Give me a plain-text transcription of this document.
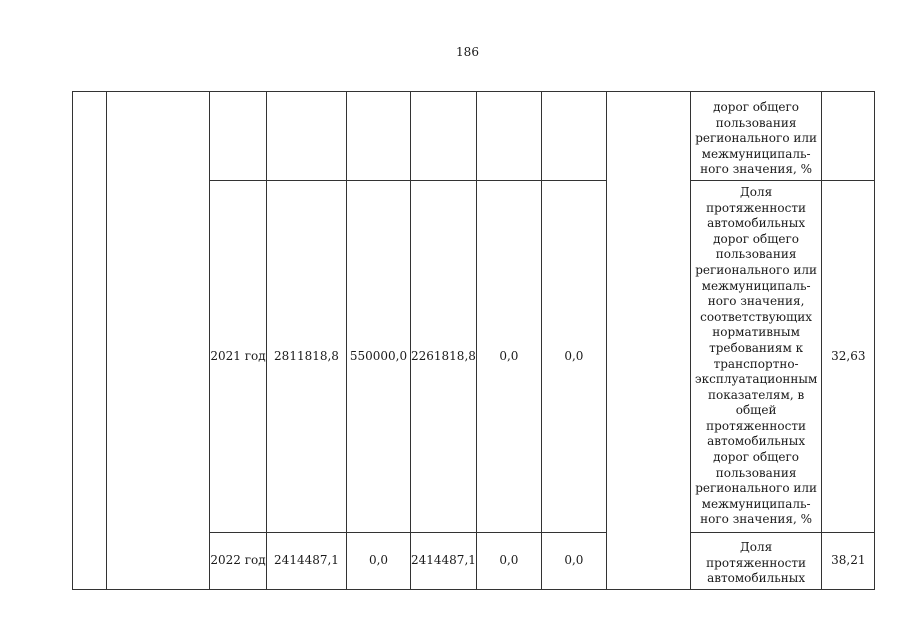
186
									дорог общего пользования регионального или межмуниципаль-ного значения, %	
		2021 год	2811818,8	550000,0	2261818,8	0,0	0,0		Доля протяженности автомобильных дорог общего пользования регионального или межмуниципаль-ного значения, соответствующих нормативным требованиям к транспортно-эксплуатационным показателям, в общей протяженности автомобильных дорог общего пользования регионального или межмуниципаль-ного значения, %	32,63
		2022 год	2414487,1	0,0	2414487,1	0,0	0,0		Доля протяженности автомобильных	38,21
